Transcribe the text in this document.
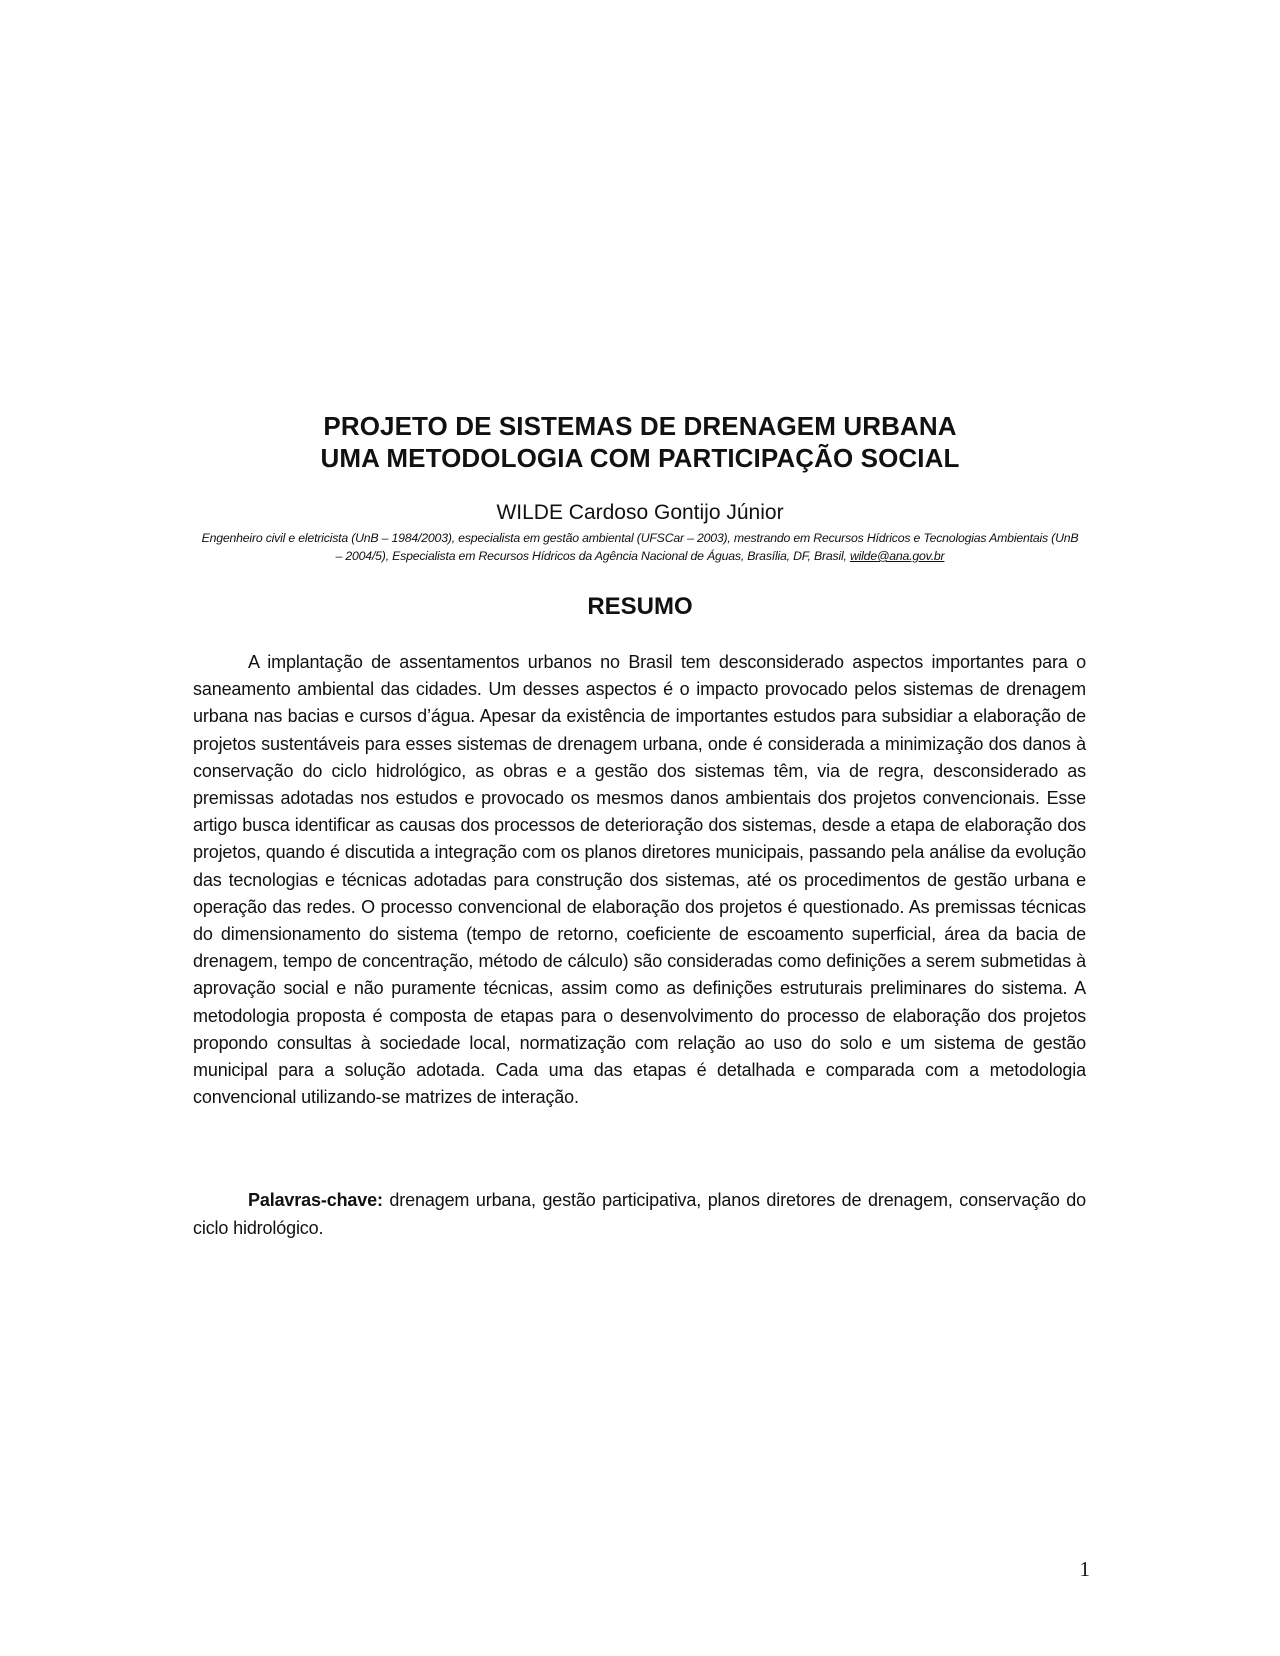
PROJETO DE SISTEMAS DE DRENAGEM URBANA
UMA METODOLOGIA COM PARTICIPAÇÃO SOCIAL
WILDE Cardoso Gontijo Júnior
Engenheiro civil e eletricista (UnB – 1984/2003), especialista em gestão ambiental (UFSCar – 2003), mestrando em Recursos Hídricos e Tecnologias Ambientais (UnB – 2004/5), Especialista em Recursos Hídricos da Agência Nacional de Águas, Brasília, DF, Brasil, wilde@ana.gov.br
RESUMO

A implantação de assentamentos urbanos no Brasil tem desconsiderado aspectos importantes para o saneamento ambiental das cidades. Um desses aspectos é o impacto provocado pelos sistemas de drenagem urbana nas bacias e cursos d’água. Apesar da existência de importantes estudos para subsidiar a elaboração de projetos sustentáveis para esses sistemas de drenagem urbana, onde é considerada a minimização dos danos à conservação do ciclo hidrológico, as obras e a gestão dos sistemas têm, via de regra, desconsiderado as premissas adotadas nos estudos e provocado os mesmos danos ambientais dos projetos convencionais. Esse artigo busca identificar as causas dos processos de deterioração dos sistemas, desde a etapa de elaboração dos projetos, quando é discutida a integração com os planos diretores municipais, passando pela análise da evolução das tecnologias e técnicas adotadas para construção dos sistemas, até os procedimentos de gestão urbana e operação das redes. O processo convencional de elaboração dos projetos é questionado. As premissas técnicas do dimensionamento do sistema (tempo de retorno, coeficiente de escoamento superficial, área da bacia de drenagem, tempo de concentração, método de cálculo) são consideradas como definições a serem submetidas à aprovação social e não puramente técnicas, assim como as definições estruturais preliminares do sistema. A metodologia proposta é composta de etapas para o desenvolvimento do processo de elaboração dos projetos propondo consultas à sociedade local, normatização com relação ao uso do solo e um sistema de gestão municipal para a solução adotada. Cada uma das etapas é detalhada e comparada com a metodologia convencional utilizando-se matrizes de interação.

Palavras-chave: drenagem urbana, gestão participativa, planos diretores de drenagem, conservação do ciclo hidrológico.

1
